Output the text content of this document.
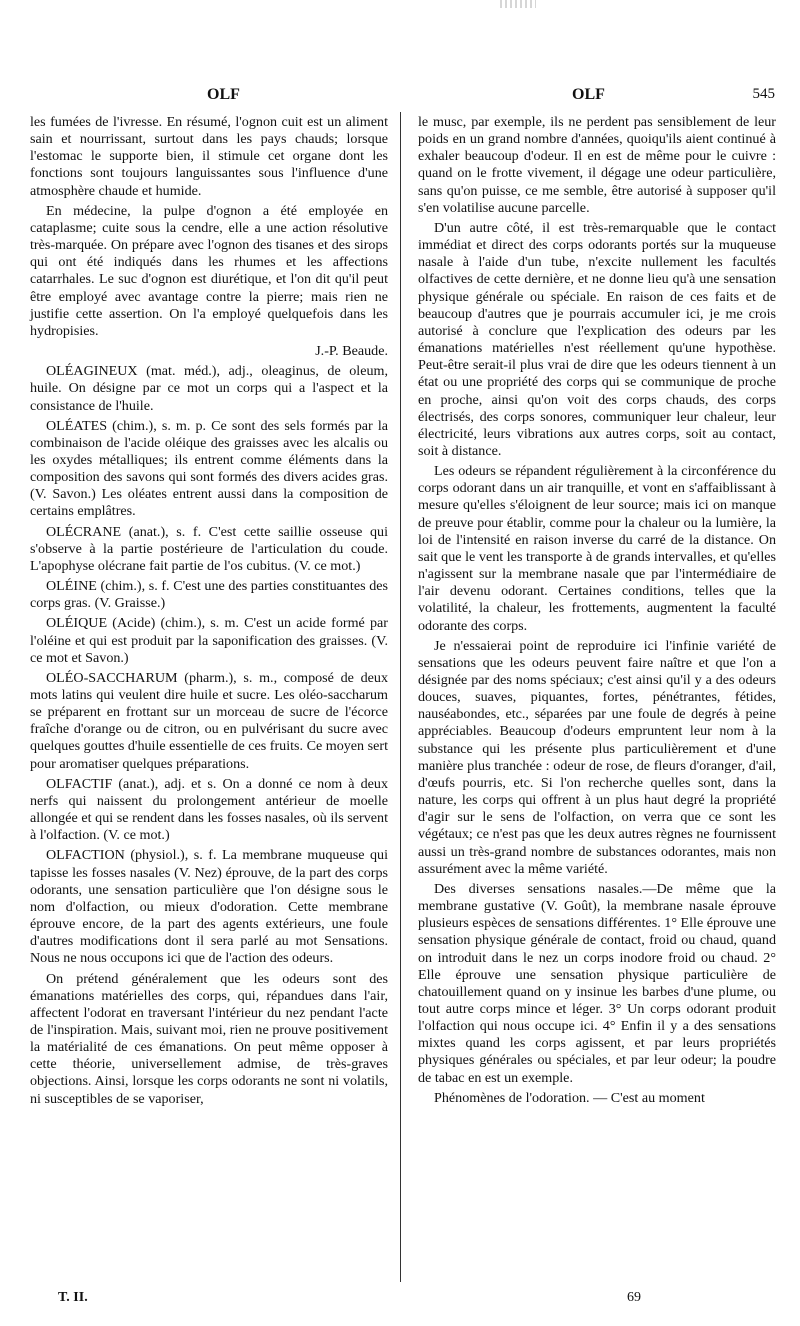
OLF	OLF	545

les fumées de l'ivresse. En résumé, l'ognon cuit est un aliment sain et nourrissant, surtout dans les pays chauds; lorsque l'estomac le supporte bien, il stimule cet organe dont les fonctions sont toujours languissantes sous l'influence d'une atmosphère chaude et humide.

En médecine, la pulpe d'ognon a été employée en cataplasme; cuite sous la cendre, elle a une action résolutive très-marquée. On prépare avec l'ognon des tisanes et des sirops qui ont été indiqués dans les rhumes et les affections catarrhales. Le suc d'ognon est diurétique, et l'on dit qu'il peut être employé avec avantage contre la pierre; mais rien ne justifie cette assertion. On l'a employé quelquefois dans les hydropisies.

J.-P. Beaude.

OLÉAGINEUX (mat. méd.), adj., oleaginus, de oleum, huile. On désigne par ce mot un corps qui a l'aspect et la consistance de l'huile.

OLÉATES (chim.), s. m. p. Ce sont des sels formés par la combinaison de l'acide oléique des graisses avec les alcalis ou les oxydes métalliques; ils entrent comme éléments dans la composition des savons qui sont formés des divers acides gras. (V. Savon.) Les oléates entrent aussi dans la composition de certains emplâtres.

OLÉCRANE (anat.), s. f. C'est cette saillie osseuse qui s'observe à la partie postérieure de l'articulation du coude. L'apophyse olécrane fait partie de l'os cubitus. (V. ce mot.)

OLÉINE (chim.), s. f. C'est une des parties constituantes des corps gras. (V. Graisse.)

OLÉIQUE (Acide) (chim.), s. m. C'est un acide formé par l'oléine et qui est produit par la saponification des graisses. (V. ce mot et Savon.)

OLÉO-SACCHARUM (pharm.), s. m., composé de deux mots latins qui veulent dire huile et sucre. Les oléo-saccharum se préparent en frottant sur un morceau de sucre de l'écorce fraîche d'orange ou de citron, ou en pulvérisant du sucre avec quelques gouttes d'huile essentielle de ces fruits. Ce moyen sert pour aromatiser quelques préparations.

OLFACTIF (anat.), adj. et s. On a donné ce nom à deux nerfs qui naissent du prolongement antérieur de moelle allongée et qui se rendent dans les fosses nasales, où ils servent à l'olfaction. (V. ce mot.)

OLFACTION (physiol.), s. f. La membrane muqueuse qui tapisse les fosses nasales (V. Nez) éprouve, de la part des corps odorants, une sensation particulière que l'on désigne sous le nom d'olfaction, ou mieux d'odoration. Cette membrane éprouve encore, de la part des agents extérieurs, une foule d'autres modifications dont il sera parlé au mot Sensations. Nous ne nous occupons ici que de l'action des odeurs.

On prétend généralement que les odeurs sont des émanations matérielles des corps, qui, répandues dans l'air, affectent l'odorat en traversant l'intérieur du nez pendant l'acte de l'inspiration. Mais, suivant moi, rien ne prouve positivement la matérialité de ces émanations. On peut même opposer à cette théorie, universellement admise, de très-graves objections. Ainsi, lorsque les corps odorants ne sont ni volatils, ni susceptibles de se vaporiser,

le musc, par exemple, ils ne perdent pas sensiblement de leur poids en un grand nombre d'années, quoiqu'ils aient continué à exhaler beaucoup d'odeur. Il en est de même pour le cuivre : quand on le frotte vivement, il dégage une odeur particulière, sans qu'on puisse, ce me semble, être autorisé à supposer qu'il s'en volatilise aucune parcelle.

D'un autre côté, il est très-remarquable que le contact immédiat et direct des corps odorants portés sur la muqueuse nasale à l'aide d'un tube, n'excite nullement les facultés olfactives de cette dernière, et ne donne lieu qu'à une sensation physique générale ou spéciale. En raison de ces faits et de beaucoup d'autres que je pourrais accumuler ici, je me crois autorisé à conclure que l'explication des odeurs par les émanations matérielles n'est réellement qu'une hypothèse. Peut-être serait-il plus vrai de dire que les odeurs tiennent à un état ou une propriété des corps qui se communique de proche en proche, ainsi qu'on voit des corps chauds, des corps électrisés, des corps sonores, communiquer leur chaleur, leur électricité, leurs vibrations aux autres corps, soit au contact, soit à distance.

Les odeurs se répandent régulièrement à la circonférence du corps odorant dans un air tranquille, et vont en s'affaiblissant à mesure qu'elles s'éloignent de leur source; mais ici on manque de preuve pour établir, comme pour la chaleur ou la lumière, la loi de l'intensité en raison inverse du carré de la distance. On sait que le vent les transporte à de grands intervalles, et qu'elles n'agissent sur la membrane nasale que par l'intermédiaire de l'air devenu odorant. Certaines conditions, telles que la volatilité, la chaleur, les frottements, augmentent la faculté odorante des corps.

Je n'essaierai point de reproduire ici l'infinie variété de sensations que les odeurs peuvent faire naître et que l'on a désignée par des noms spéciaux; c'est ainsi qu'il y a des odeurs douces, suaves, piquantes, fortes, pénétrantes, fétides, nauséabondes, etc., séparées par une foule de degrés à peine appréciables. Beaucoup d'odeurs empruntent leur nom à la substance qui les présente plus particulièrement et d'une manière plus tranchée : odeur de rose, de fleurs d'oranger, d'ail, d'œufs pourris, etc. Si l'on recherche quelles sont, dans la nature, les corps qui offrent à un plus haut degré la propriété d'agir sur le sens de l'olfaction, on verra que ce sont les végétaux; ce n'est pas que les deux autres règnes ne fournissent aussi un très-grand nombre de substances odorantes, mais non assurément avec la même variété.

Des diverses sensations nasales.—De même que la membrane gustative (V. Goût), la membrane nasale éprouve plusieurs espèces de sensations différentes. 1° Elle éprouve une sensation physique générale de contact, froid ou chaud, quand on introduit dans le nez un corps inodore froid ou chaud. 2° Elle éprouve une sensation physique particulière de chatouillement quand on y insinue les barbes d'une plume, ou tout autre corps mince et léger. 3° Un corps odorant produit l'olfaction qui nous occupe ici. 4° Enfin il y a des sensations mixtes quand les corps agissent, et par leurs propriétés physiques générales ou spéciales, et par leur odeur; la poudre de tabac en est un exemple.

Phénomènes de l'odoration. — C'est au moment

T. II.	69
